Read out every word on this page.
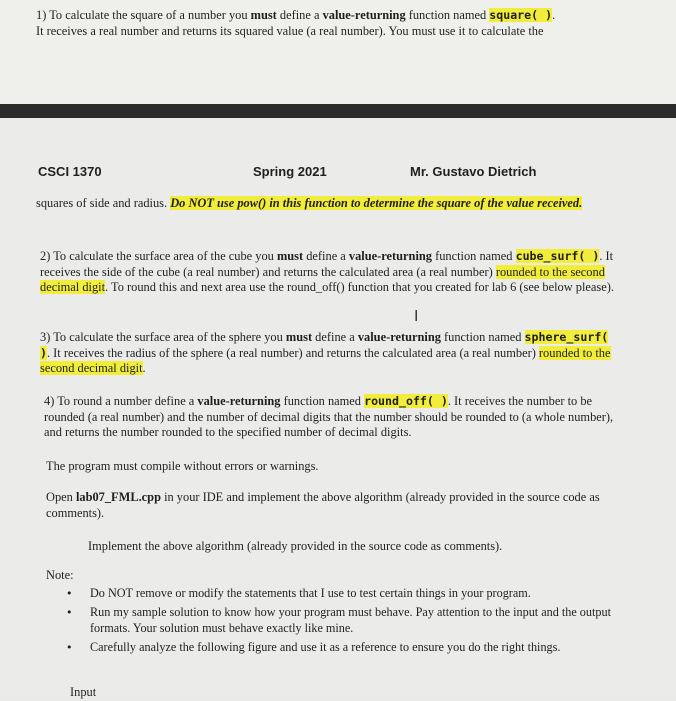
1) To calculate the square of a number you must define a value-returning function named square( ).
It receives a real number and returns its squared value (a real number). You must use it to calculate the

CSCI 1370	Spring 2021	Mr. Gustavo Dietrich

squares of side and radius. Do NOT use pow() in this function to determine the square of the value received.

2) To calculate the surface area of the cube you must define a value-returning function named cube_surf( ). It receives the side of the cube (a real number) and returns the calculated area (a real number) rounded to the second decimal digit. To round this and next area use the round_off() function that you created for lab 6 (see below please).

I

3) To calculate the surface area of the sphere you must define a value-returning function named sphere_surf( ). It receives the radius of the sphere (a real number) and returns the calculated area (a real number) rounded to the second decimal digit.

4) To round a number define a value-returning function named round_off( ). It receives the number to be rounded (a real number) and the number of decimal digits that the number should be rounded to (a whole number), and returns the number rounded to the specified number of decimal digits.

The program must compile without errors or warnings.

Open lab07_FML.cpp in your IDE and implement the above algorithm (already provided in the source code as comments).

Implement the above algorithm (already provided in the source code as comments).

Note:

• Do NOT remove or modify the statements that I use to test certain things in your program.
• Run my sample solution to know how your program must behave. Pay attention to the input and the output formats. Your solution must behave exactly like mine.
• Carefully analyze the following figure and use it as a reference to ensure you do the right things.

Input
